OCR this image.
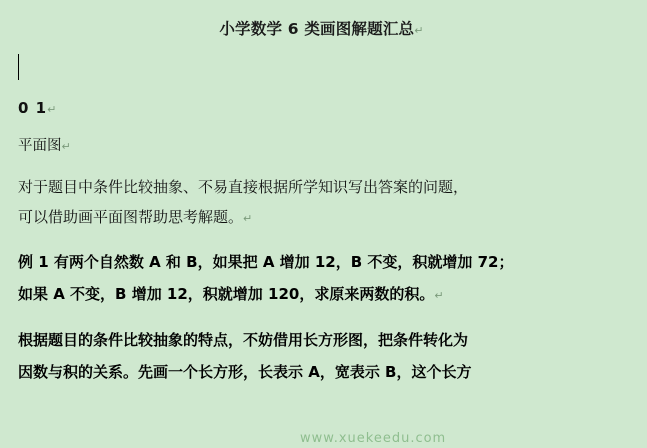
小学数学 6 类画图解题汇总↵

0 1↵

平面图↵

对于题目中条件比较抽象、不易直接根据所学知识写出答案的问题，

可以借助画平面图帮助思考解题。↵

例 1 有两个自然数 A 和 B，如果把 A 增加 12，B 不变，积就增加 72；

如果 A 不变，B 增加 12，积就增加 120，求原来两数的积。↵

根据题目的条件比较抽象的特点，不妨借用长方形图，把条件转化为

因数与积的关系。先画一个长方形，长表示 A，宽表示 B，这个长方

www.xuekeedu.com
